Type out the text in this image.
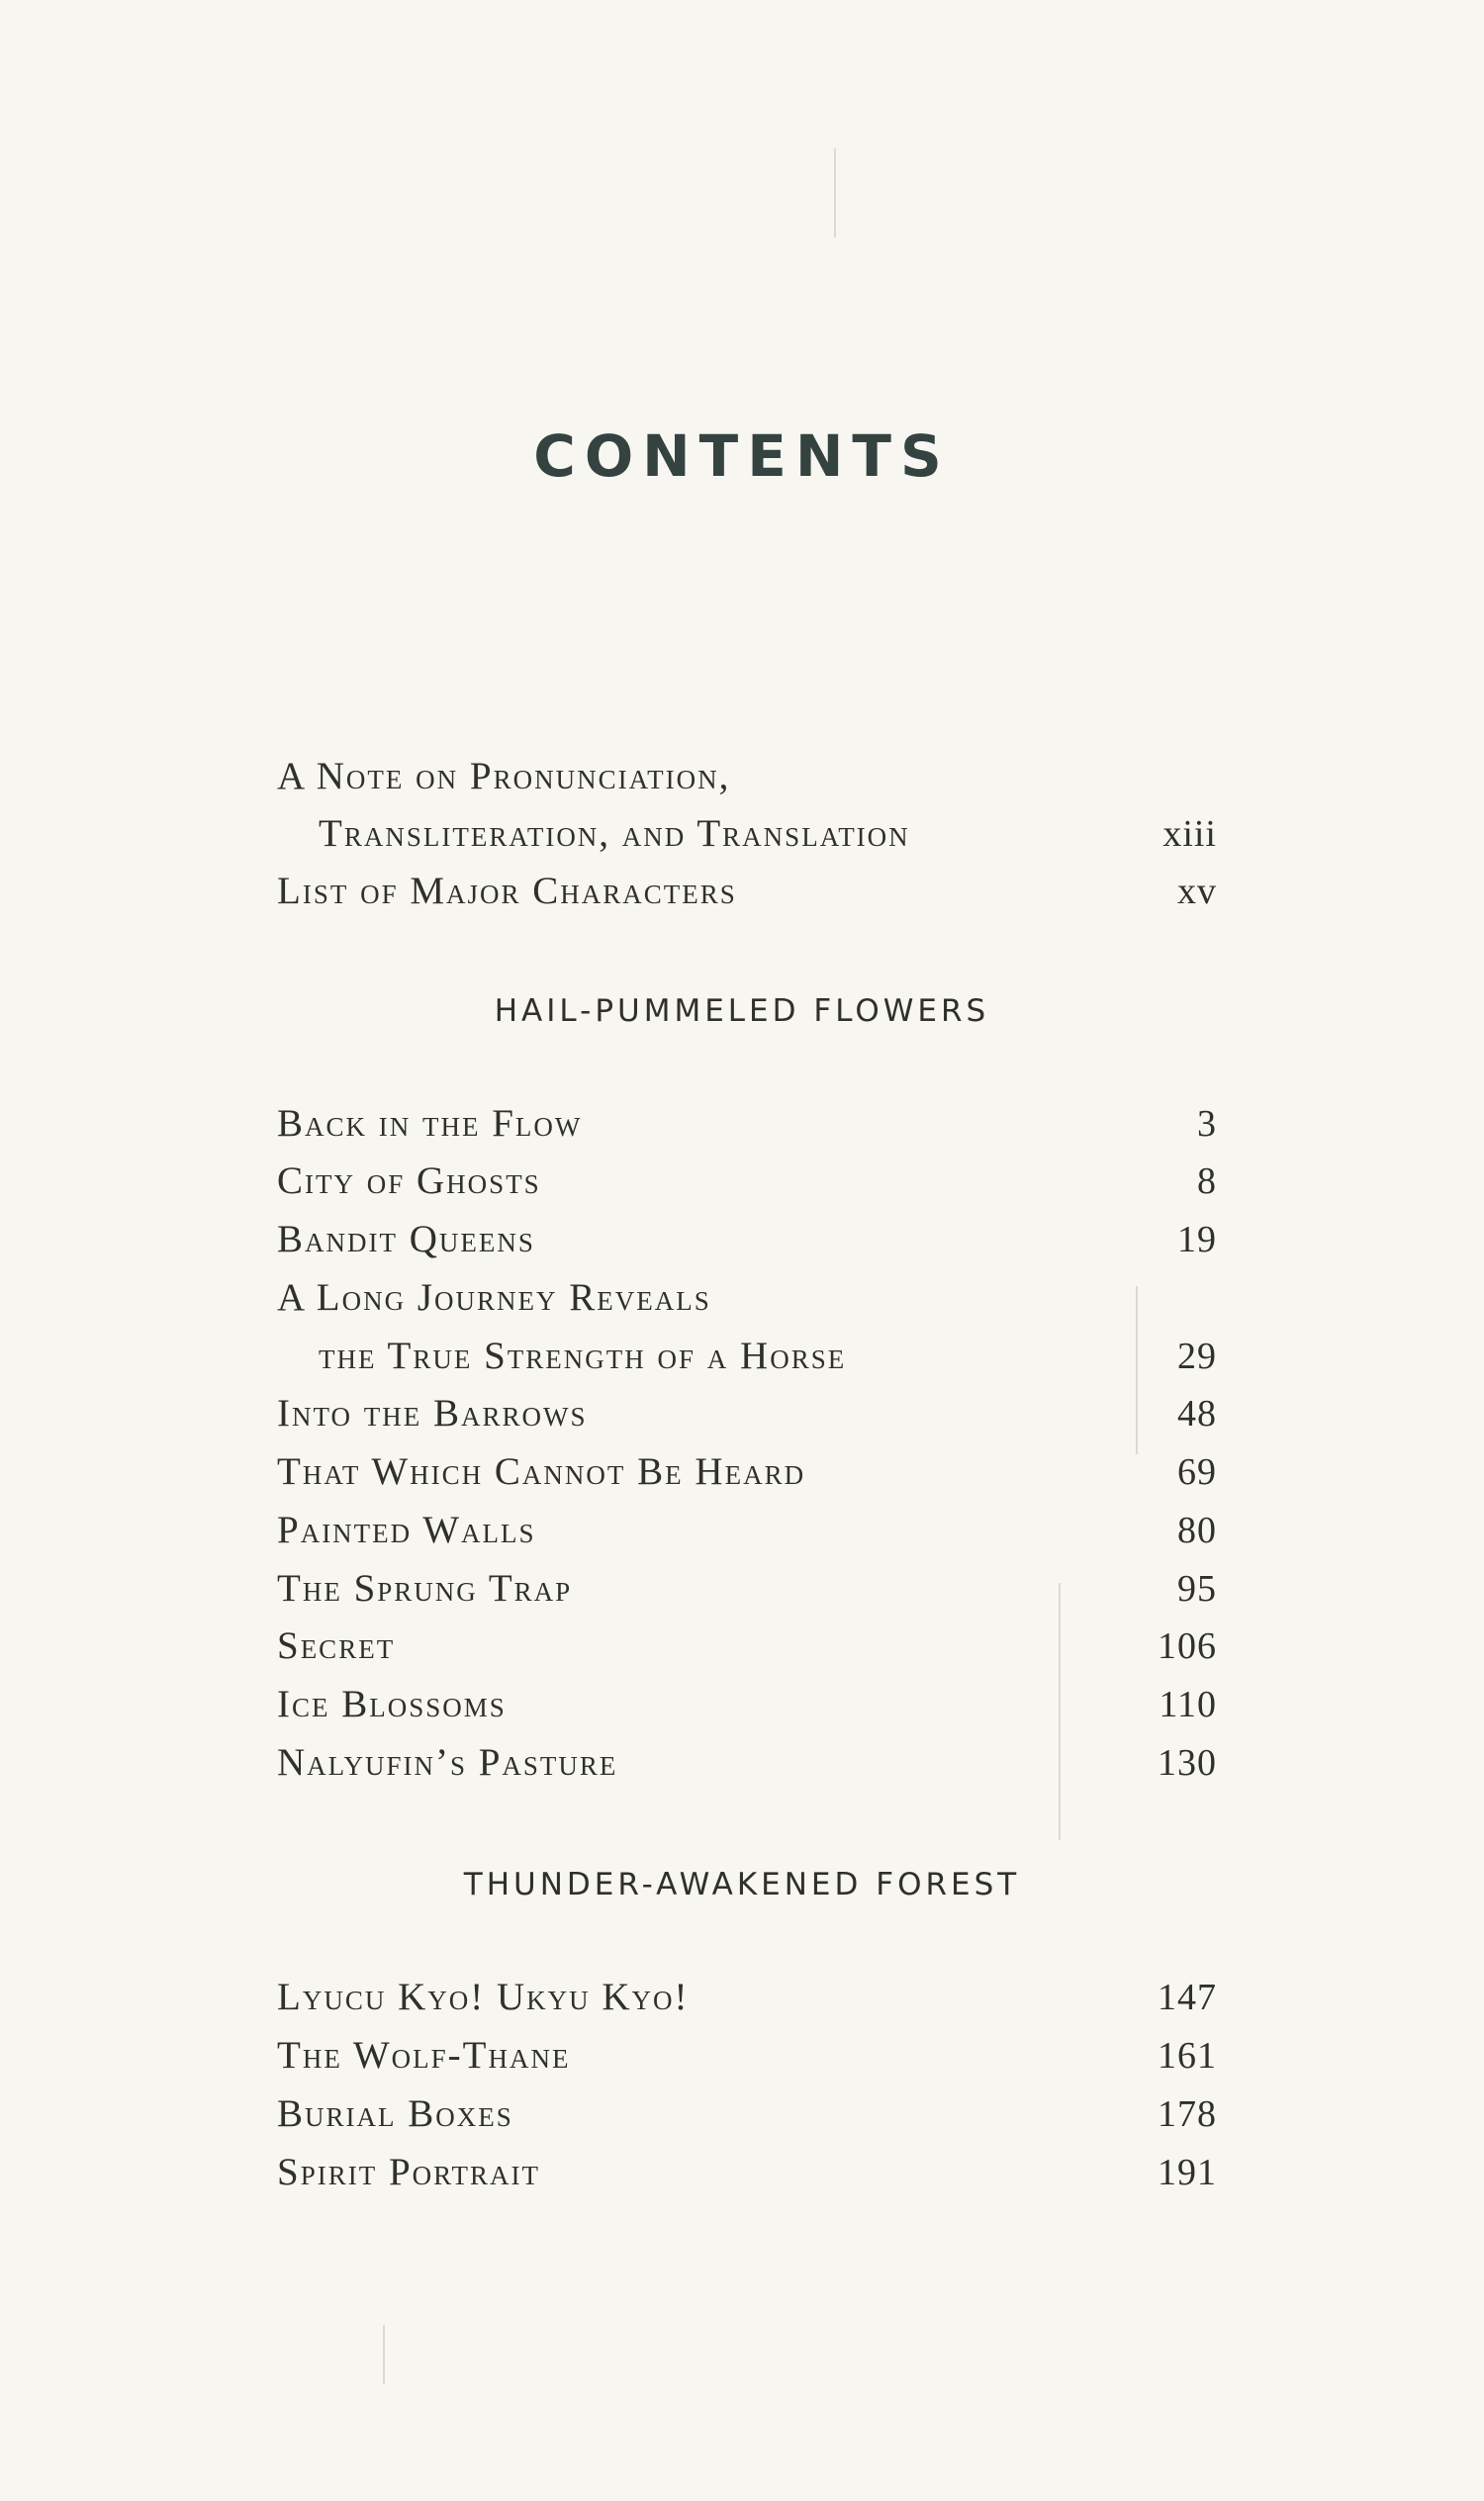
CONTENTS
A Note on Pronunciation,
Transliteration, and Translation	xiii
List of Major Characters	xv
Back in the Flow	3
City of Ghosts	8
Bandit Queens	19
A Long Journey Reveals
the True Strength of a Horse	29
Into the Barrows	48
That Which Cannot Be Heard	69
Painted Walls	80
The Sprung Trap	95
Secret	106
Ice Blossoms	110
Nalyufin’s Pasture	130
Lyucu Kyo! Ukyu Kyo!	147
The Wolf-Thane	161
Burial Boxes	178
Spirit Portrait	191
HAIL-PUMMELED FLOWERS
THUNDER-AWAKENED FOREST
